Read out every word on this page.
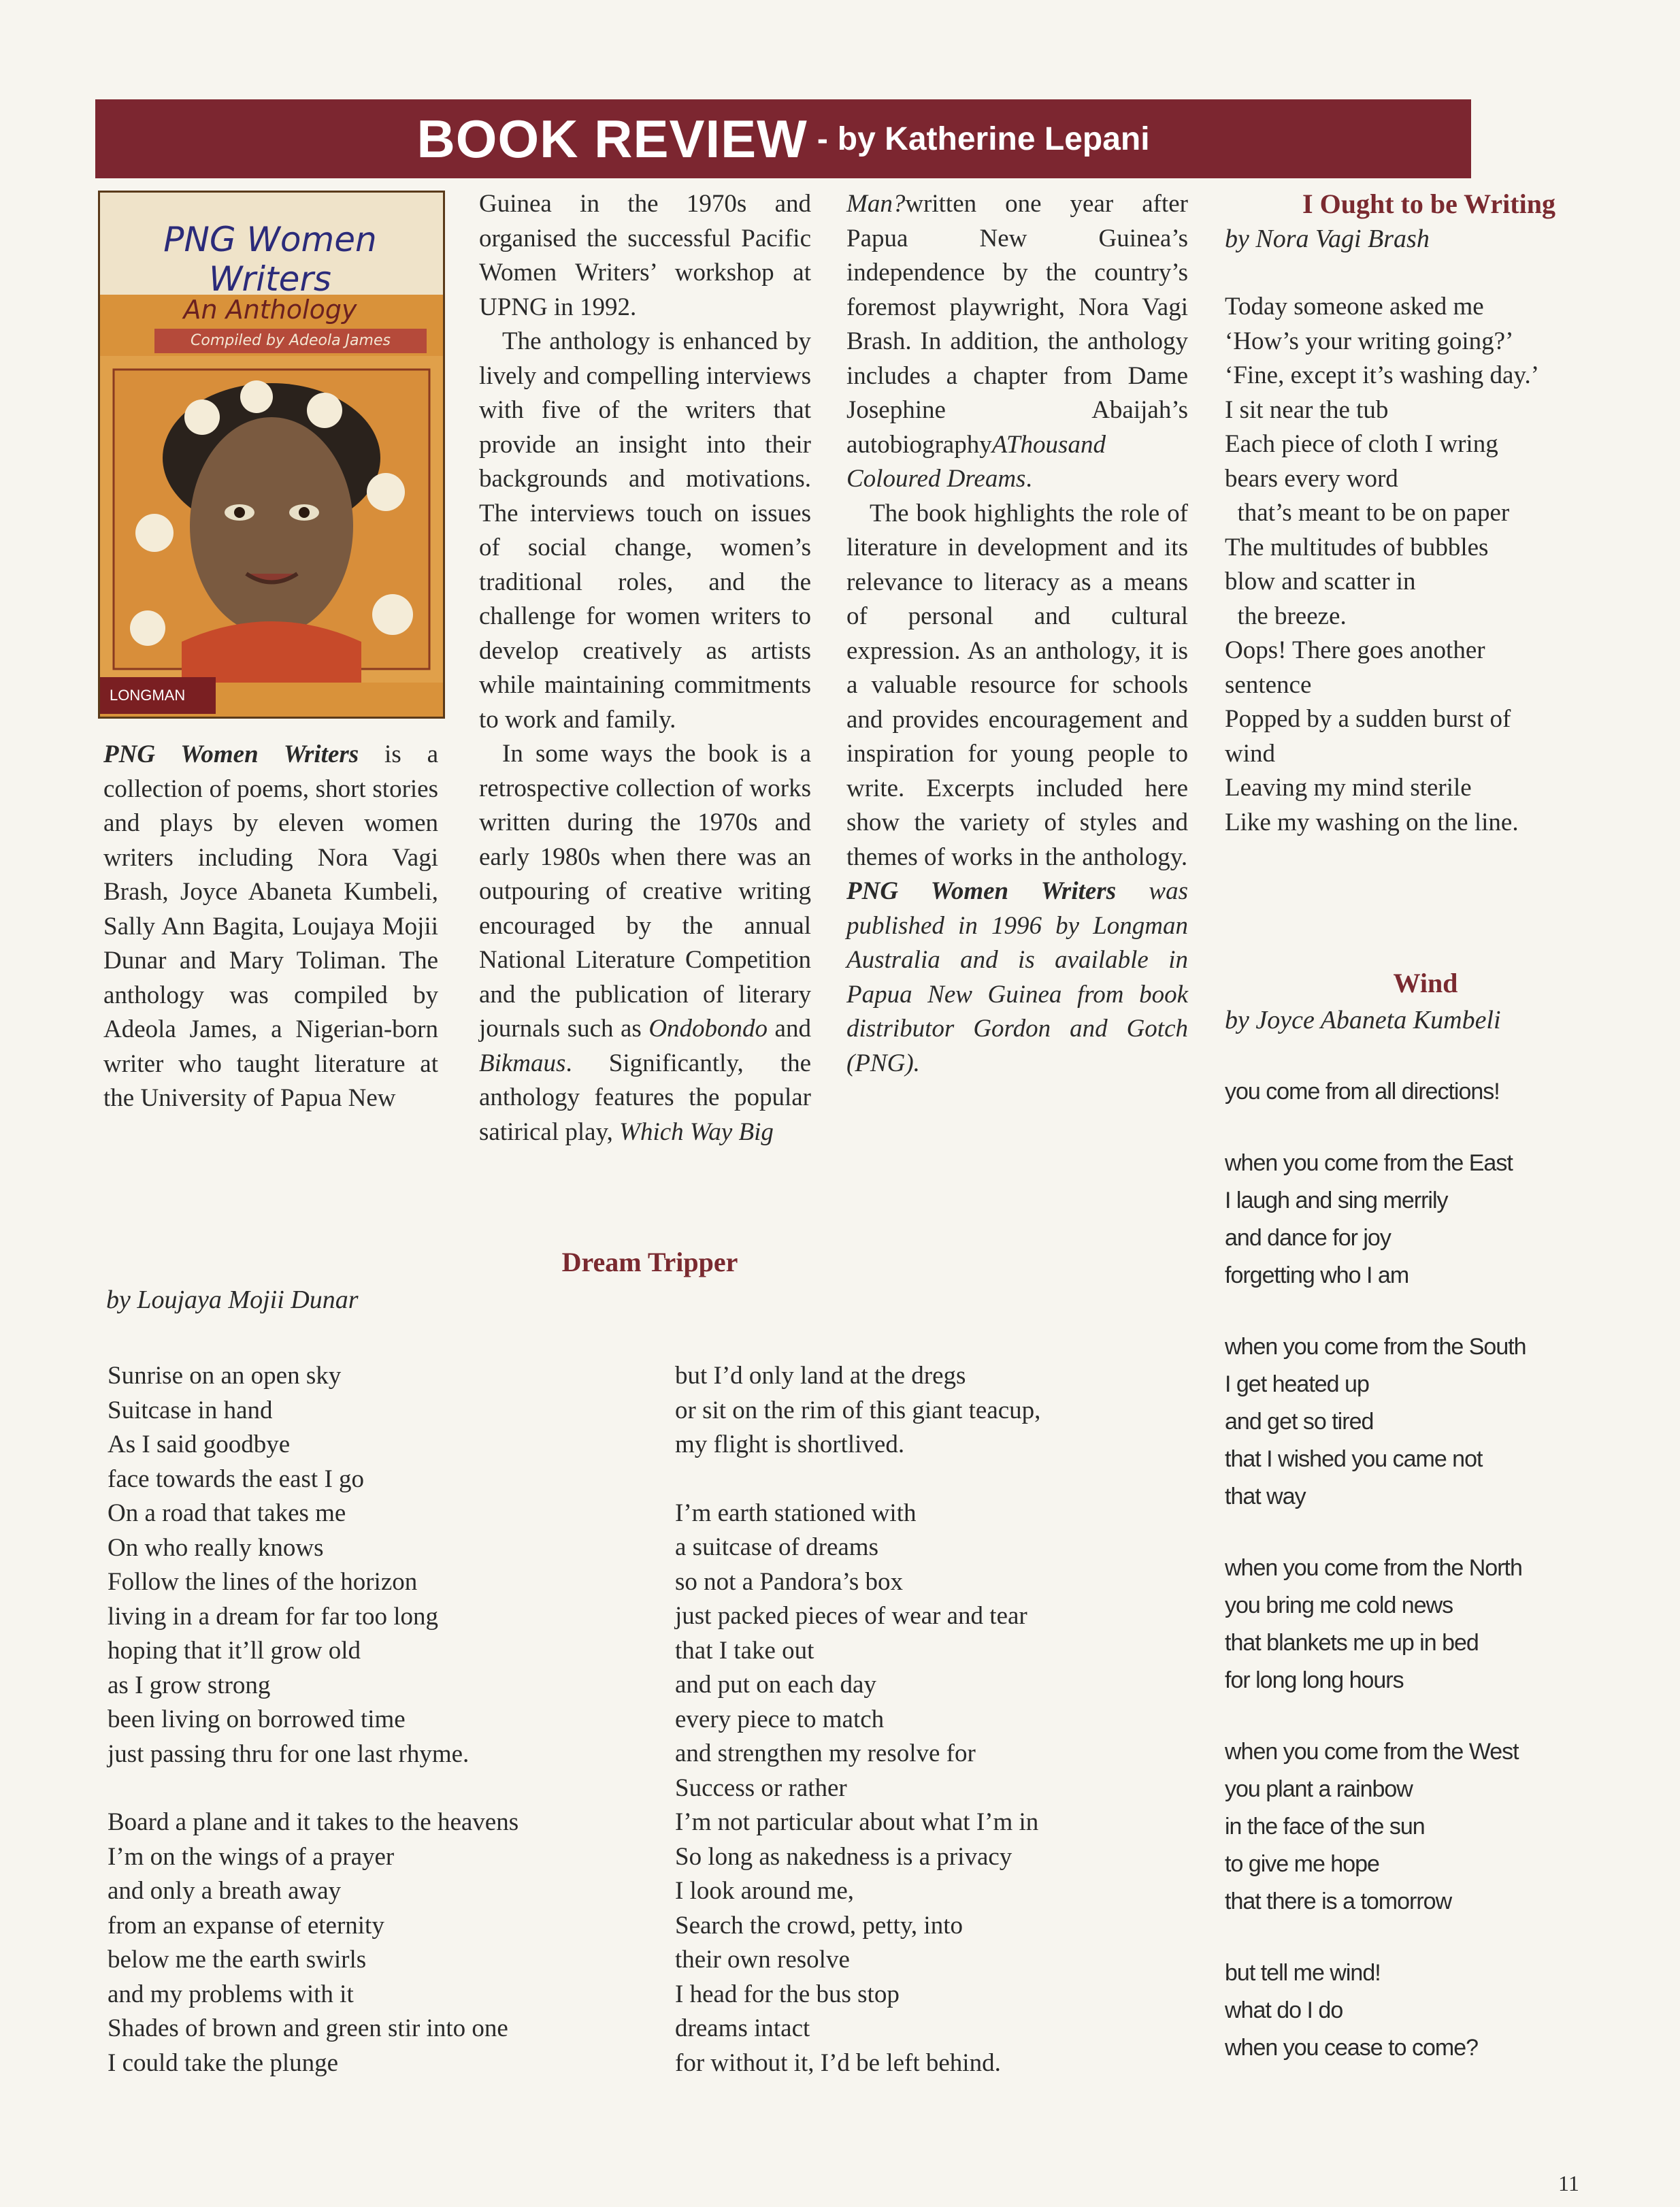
BOOK REVIEW - by Katherine Lepani
PNG Women Writers
An Anthology
Compiled by Adeola James
LONGMAN

PNG Women Writers is a collection of poems, short stories and plays by eleven women writers including Nora Vagi Brash, Joyce Abaneta Kumbeli, Sally Ann Bagita, Loujaya Mojii Dunar and Mary Toliman. The anthology was compiled by Adeola James, a Nigerian-born writer who taught literature at the University of Papua New

Guinea in the 1970s and organised the successful Pacific Women Writers’ workshop at UPNG in 1992.

The anthology is enhanced by lively and compelling interviews with five of the writers that provide an insight into their backgrounds and motivations. The interviews touch on issues of social change, women’s traditional roles, and the challenge for women writers to develop creatively as artists while maintaining commitments to work and family.

In some ways the book is a retrospective collection of works written during the 1970s and early 1980s when there was an outpouring of creative writing encouraged by the annual National Literature Competition and the publication of literary journals such as Ondobondo and Bikmaus. Significantly, the anthology features the popular satirical play, Which Way Big

Man?written one year after Papua New Guinea’s independence by the country’s foremost playwright, Nora Vagi Brash. In addition, the anthology includes a chapter from Dame Josephine Abaijah’s autobiographyAThousand Coloured Dreams.

The book highlights the role of literature in development and its relevance to literacy as a means of personal and cultural expression. As an anthology, it is a valuable resource for schools and provides encouragement and inspiration for young people to write. Excerpts included here show the variety of styles and themes of works in the anthology.

PNG Women Writers was published in 1996 by Longman Australia and is available in Papua New Guinea from book distributor Gordon and Gotch (PNG).

I Ought to be Writing
by Nora Vagi Brash
Today someone asked me
‘How’s your writing going?’
‘Fine, except it’s washing day.’
I sit near the tub
Each piece of cloth I wring
bears every word
that’s meant to be on paper
The multitudes of bubbles
blow and scatter in
the breeze.
Oops! There goes another
sentence
Popped by a sudden burst of
wind
Leaving my mind sterile
Like my washing on the line.
Wind
by Joyce Abaneta Kumbeli
you come from all directions!
when you come from the East
I laugh and sing merrily
and dance for joy
forgetting who I am
when you come from the South
I get heated up
and get so tired
that I wished you came not
that way
when you come from the North
you bring me cold news
that blankets me up in bed
for long long hours
when you come from the West
you plant a rainbow
in the face of the sun
to give me hope
that there is a tomorrow
but tell me wind!
what do I do
when you cease to come?
Dream Tripper
by Loujaya Mojii Dunar
Sunrise on an open sky
Suitcase in hand
As I said goodbye
face towards the east I go
On a road that takes me
On who really knows
Follow the lines of the horizon
living in a dream for far too long
hoping that it’ll grow old
as I grow strong
been living on borrowed time
just passing thru for one last rhyme.
Board a plane and it takes to the heavens
I’m on the wings of a prayer
and only a breath away
from an expanse of eternity
below me the earth swirls
and my problems with it
Shades of brown and green stir into one
I could take the plunge
but I’d only land at the dregs
or sit on the rim of this giant teacup,
my flight is shortlived.
I’m earth stationed with
a suitcase of dreams
so not a Pandora’s box
just packed pieces of wear and tear
that I take out
and put on each day
every piece to match
and strengthen my resolve for
Success or rather
I’m not particular about what I’m in
So long as nakedness is a privacy
I look around me,
Search the crowd, petty, into
their own resolve
I head for the bus stop
dreams intact
for without it, I’d be left behind.
11
